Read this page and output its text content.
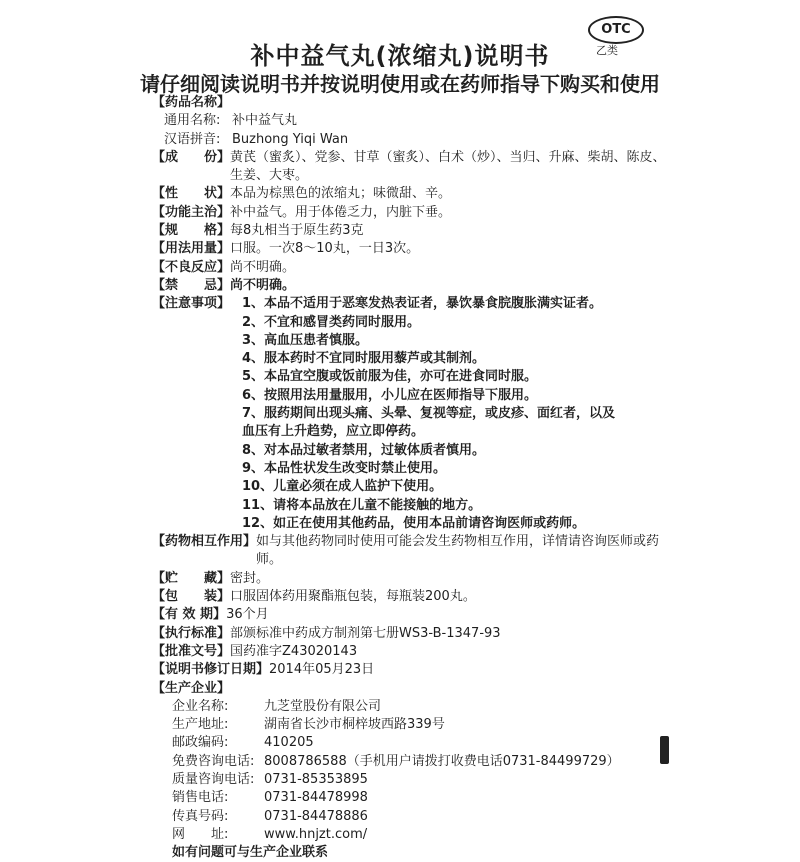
补中益气丸(浓缩丸)说明书
OTC
乙类
请仔细阅读说明书并按说明使用或在药师指导下购买和使用
【药品名称】
通用名称: 补中益气丸
汉语拼音: Buzhong Yiqi Wan
【成　　份】 黄芪（蜜炙）、党参、甘草（蜜炙）、白术（炒）、当归、升麻、柴胡、陈皮、生姜、大枣。
【性　　状】 本品为棕黑色的浓缩丸；味微甜、辛。
【功能主治】 补中益气。用于体倦乏力，内脏下垂。
【规　　格】 每8丸相当于原生药3克
【用法用量】 口服。一次8～10丸，一日3次。
【不良反应】 尚不明确。
【禁　　忌】 尚不明确。
【注意事项】 1、本品不适用于恶寒发热表证者，暴饮暴食脘腹胀满实证者。
2、不宜和感冒类药同时服用。
3、高血压患者慎服。
4、服本药时不宜同时服用藜芦或其制剂。
5、本品宜空腹或饭前服为佳，亦可在进食同时服。
6、按照用法用量服用，小儿应在医师指导下服用。
7、服药期间出现头痛、头晕、复视等症，或皮疹、面红者，以及
血压有上升趋势，应立即停药。
8、对本品过敏者禁用，过敏体质者慎用。
9、本品性状发生改变时禁止使用。
10、儿童必须在成人监护下使用。
11、请将本品放在儿童不能接触的地方。
12、如正在使用其他药品，使用本品前请咨询医师或药师。
【药物相互作用】 如与其他药物同时使用可能会发生药物相互作用，详情请咨询医师或药师。
【贮　　藏】 密封。
【包　　装】 口服固体药用聚酯瓶包装，每瓶装200丸。
【有 效 期】 36个月
【执行标准】 部颁标准中药成方制剂第七册WS3-B-1347-93
【批准文号】 国药准字Z43020143
【说明书修订日期】 2014年05月23日
【生产企业】
企业名称:	九芝堂股份有限公司
生产地址:	湖南省长沙市桐梓坡西路339号
邮政编码:	410205
免费咨询电话: 8008786588（手机用户请拨打收费电话0731-84499729）
质量咨询电话: 0731-85353895
销售电话:	0731-84478998
传真号码:	0731-84478886
网　　址:	www.hnjzt.com/
如有问题可与生产企业联系
